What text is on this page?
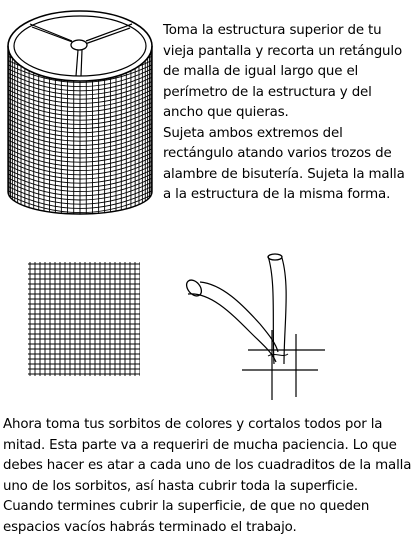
Toma la estructura superior de tu vieja pantalla y recorta un retángulo de malla de igual largo que el perímetro de la estructura y del ancho que quieras.

Sujeta ambos extremos del rectángulo atando varios trozos de alambre de bisutería. Sujeta la malla a la estructura de la misma forma.

Ahora toma tus sorbitos de colores y cortalos todos por la mitad. Esta parte va a requeriri de mucha paciencia. Lo que debes hacer es atar a cada uno de los cuadraditos de la malla uno de los sorbitos, así hasta cubrir toda la superficie.

Cuando termines cubrir la superficie, de que no queden espacios vacíos habrás terminado el trabajo.
